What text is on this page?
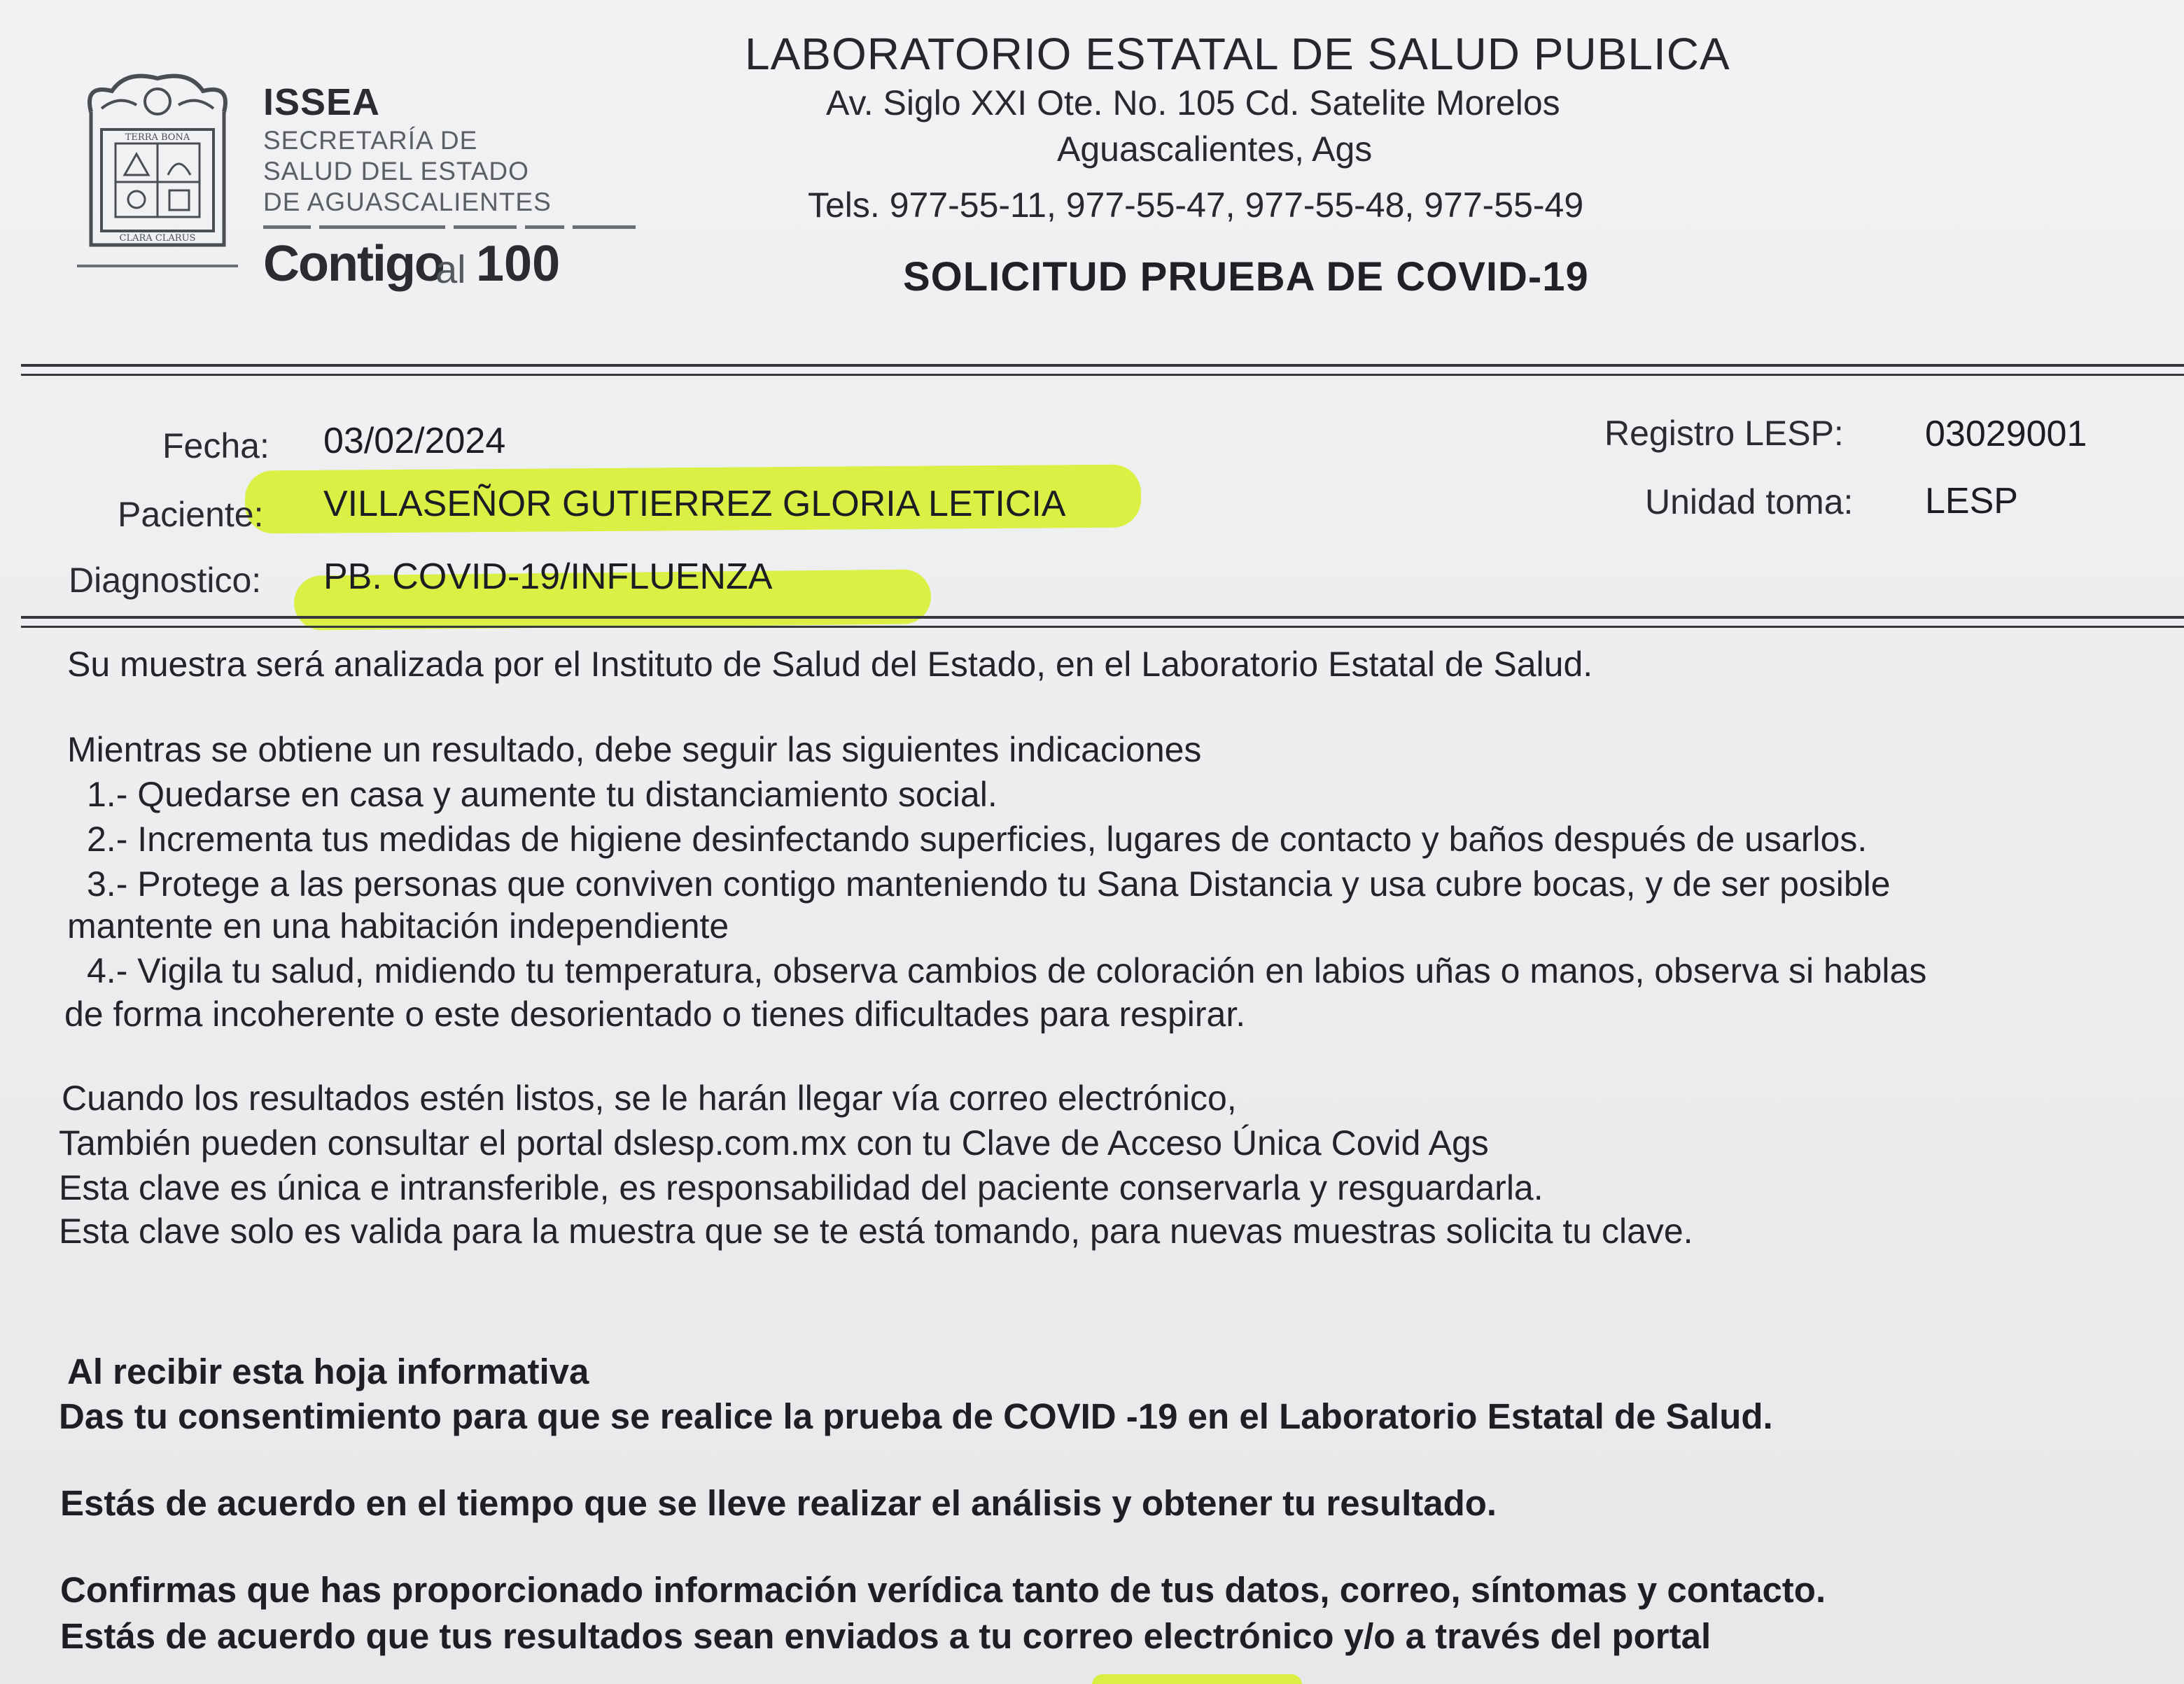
TERRA BONA
CLARA CLARUS
ISSEA
SECRETARÍA DE
SALUD DEL ESTADO
DE AGUASCALIENTES
Contigo
al 100
LABORATORIO ESTATAL DE SALUD PUBLICA
Av. Siglo XXI Ote. No. 105 Cd. Satelite Morelos
Aguascalientes, Ags
Tels. 977-55-11, 977-55-47, 977-55-48, 977-55-49
SOLICITUD PRUEBA DE COVID-19
Fecha: 03/02/2024
Paciente: VILLASEÑOR GUTIERREZ GLORIA LETICIA
Diagnostico: PB. COVID-19/INFLUENZA
Registro LESP: 03029001
Unidad toma: LESP
Su muestra será analizada por el Instituto de Salud del Estado, en el Laboratorio Estatal de Salud.
Mientras se obtiene un resultado, debe seguir las siguientes indicaciones
1.- Quedarse en casa y aumente tu distanciamiento social.
2.- Incrementa tus medidas de higiene desinfectando superficies, lugares de contacto y baños después de usarlos.
3.- Protege a las personas que conviven contigo manteniendo tu Sana Distancia y usa cubre bocas, y de ser posible
mantente en una habitación independiente
4.- Vigila tu salud, midiendo tu temperatura, observa cambios de coloración en labios uñas o manos, observa si hablas
de forma incoherente o este desorientado o tienes dificultades para respirar.
Cuando los resultados estén listos, se le harán llegar vía correo electrónico,
También pueden consultar el portal dslesp.com.mx con tu Clave de Acceso Única Covid Ags
Esta clave es única e intransferible, es responsabilidad del paciente conservarla y resguardarla.
Esta clave solo es valida para la muestra que se te está tomando, para nuevas muestras solicita tu clave.
Al recibir esta hoja informativa
Das tu consentimiento para que se realice la prueba de COVID -19 en el Laboratorio Estatal de Salud.
Estás de acuerdo en el tiempo que se lleve realizar el análisis y obtener tu resultado.
Confirmas que has proporcionado información verídica tanto de tus datos, correo, síntomas y contacto.
Estás de acuerdo que tus resultados sean enviados a tu correo electrónico y/o a través del portal
